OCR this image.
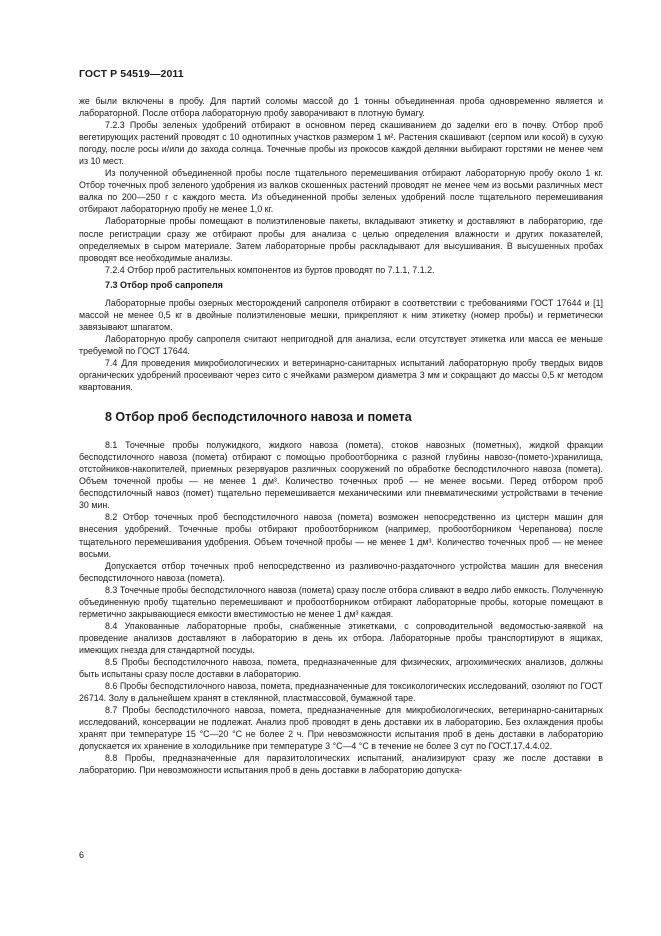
ГОСТ Р 54519—2011

же были включены в пробу. Для партий соломы массой до 1 тонны объединенная проба одновременно является и лабораторной. После отбора лабораторную пробу заворачивают в плотную бумагу.

7.2.3 Пробы зеленых удобрений отбирают в основном перед скашиванием до заделки его в почву. Отбор проб вегетирующих растений проводят с 10 однотипных участков размером 1 м². Растения скашивают (серпом или косой) в сухую погоду, после росы и/или до захода солнца. Точечные пробы из прокосов каждой делянки выбирают горстями не менее чем из 10 мест.

Из полученной объединенной пробы после тщательного перемешивания отбирают лабораторную пробу около 1 кг. Отбор точечных проб зеленого удобрения из валков скошенных растений проводят не менее чем из восьми различных мест валка по 200—250 г с каждого места. Из объединенной пробы зеленых удобрений после тщательного перемешивания отбирают лабораторную пробу не менее 1,0 кг.

Лабораторные пробы помещают в полиэтиленовые пакеты, вкладывают этикетку и доставляют в лабораторию, где после регистрации сразу же отбирают пробы для анализа с целью определения влажности и других показателей, определяемых в сыром материале. Затем лабораторные пробы раскладывают для высушивания. В высушенных пробах проводят все необходимые анализы.

7.2.4 Отбор проб растительных компонентов из буртов проводят по 7.1.1, 7.1.2.

7.3 Отбор проб сапропеля

Лабораторные пробы озерных месторождений сапропеля отбирают в соответствии с требованиями ГОСТ 17644 и [1] массой не менее 0,5 кг в двойные полиэтиленовые мешки, прикрепляют к ним этикетку (номер пробы) и герметически завязывают шпагатом.

Лабораторную пробу сапропеля считают непригодной для анализа, если отсутствует этикетка или масса ее меньше требуемой по ГОСТ 17644.

7.4 Для проведения микробиологических и ветеринарно-санитарных испытаний лабораторную пробу твердых видов органических удобрений просеивают через сито с ячейками размером диаметра 3 мм и сокращают до массы 0,5 кг методом квартования.

8 Отбор проб бесподстилочного навоза и помета

8.1 Точечные пробы полужидкого, жидкого навоза (помета), стоков навозных (пометных), жидкой фракции бесподстилочного навоза (помета) отбирают с помощью пробоотборника с разной глубины навозо-(помето-)хранилища, отстойников-накопителей, приемных резервуаров различных сооружений по обработке бесподстилочного навоза (помета). Объем точечной пробы — не менее 1 дм³. Количество точечных проб — не менее восьми. Перед отбором проб бесподстилочный навоз (помет) тщательно перемешивается механическими или пневматическими устройствами в течение 30 мин.

8.2 Отбор точечных проб бесподстилочного навоза (помета) возможен непосредственно из цистерн машин для внесения удобрений. Точечные пробы отбирают пробоотборником (например, пробоотборником Черепанова) после тщательного перемешивания удобрения. Объем точечной пробы — не менее 1 дм³. Количество точечных проб — не менее восьми.

Допускается отбор точечных проб непосредственно из разливочно-раздаточного устройства машин для внесения бесподстилочного навоза (помета).

8.3 Точечные пробы бесподстилочного навоза (помета) сразу после отбора сливают в ведро либо емкость. Полученную объединенную пробу тщательно перемешивают и пробоотборником отбирают лабораторные пробы, которые помещают в герметично закрывающиеся емкости вместимостью не менее 1 дм³ каждая.

8.4 Упакованные лабораторные пробы, снабженные этикетками, с сопроводительной ведомостью-заявкой на проведение анализов доставляют в лабораторию в день их отбора. Лабораторные пробы транспортируют в ящиках, имеющих гнезда для стандартной посуды.

8.5 Пробы бесподстилочного навоза, помета, предназначенные для физических, агрохимических анализов, должны быть испытаны сразу после доставки в лабораторию.

8.6 Пробы бесподстилочного навоза, помета, предназначенные для токсикологических исследований, озоляют по ГОСТ 26714. Золу в дальнейшем хранят в стеклянной, пластмассовой, бумажной таре.

8.7 Пробы бесподстилочного навоза, помета, предназначенные для микробиологических, ветеринарно-санитарных исследований, консервации не подлежат. Анализ проб проводят в день доставки их в лабораторию. Без охлаждения пробы хранят при температуре 15 °С—20 °С не более 2 ч. При невозможности испытания проб в день доставки в лабораторию допускается их хранение в холодильнике при температуре 3 °С—4 °С в течение не более 3 сут по ГОСТ.17.4.4.02.

8.8 Пробы, предназначенные для паразитологических испытаний, анализируют сразу же после доставки в лабораторию. При невозможности испытания проб в день доставки в лабораторию допуска-

6
